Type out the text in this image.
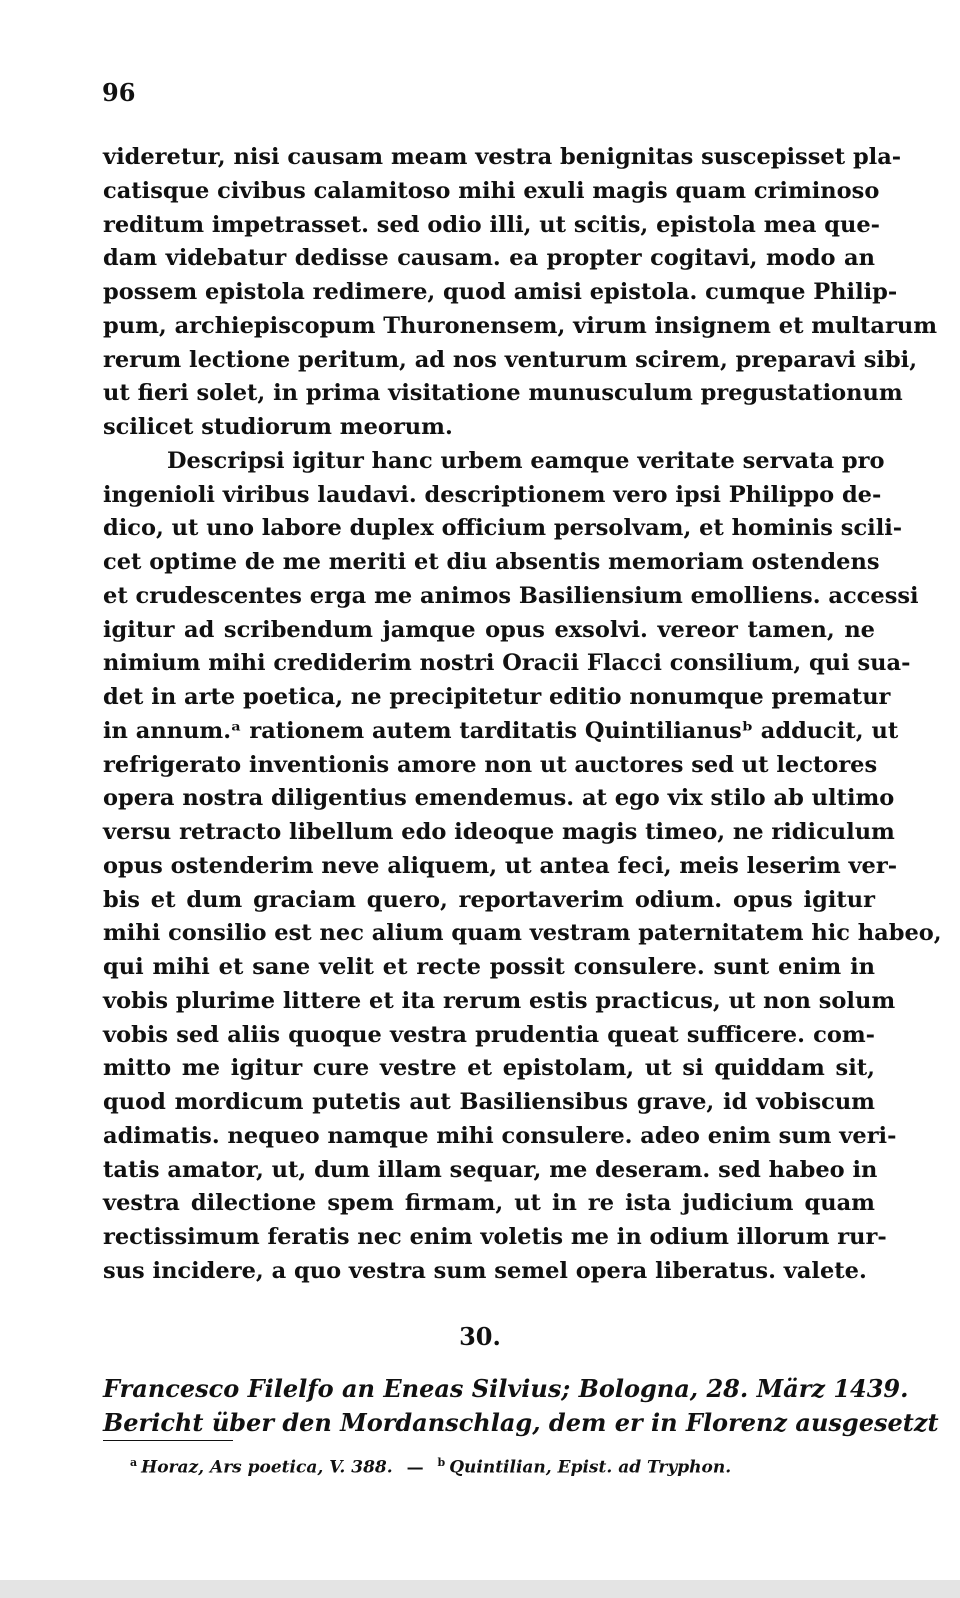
96
videretur, nisi causam meam vestra benignitas suscepisset pla-
catisque civibus calamitoso mihi exuli magis quam criminoso
reditum impetrasset. sed odio illi, ut scitis, epistola mea que-
dam videbatur dedisse causam. ea propter cogitavi, modo an
possem epistola redimere, quod amisi epistola. cumque Philip-
pum, archiepiscopum Thuronensem, virum insignem et multarum
rerum lectione peritum, ad nos venturum scirem, preparavi sibi,
ut fieri solet, in prima visitatione munusculum pregustationum
scilicet studiorum meorum.
Descripsi igitur hanc urbem eamque veritate servata pro
ingenioli viribus laudavi. descriptionem vero ipsi Philippo de-
dico, ut uno labore duplex officium persolvam, et hominis scili-
cet optime de me meriti et diu absentis memoriam ostendens
et crudescentes erga me animos Basiliensium emolliens. accessi
igitur ad scribendum jamque opus exsolvi. vereor tamen, ne
nimium mihi crediderim nostri Oracii Flacci consilium, qui sua-
det in arte poetica, ne precipitetur editio nonumque prematur
in annum.ᵃ rationem autem tarditatis Quintilianusᵇ adducit, ut
refrigerato inventionis amore non ut auctores sed ut lectores
opera nostra diligentius emendemus. at ego vix stilo ab ultimo
versu retracto libellum edo ideoque magis timeo, ne ridiculum
opus ostenderim neve aliquem, ut antea feci, meis leserim ver-
bis et dum graciam quero, reportaverim odium. opus igitur
mihi consilio est nec alium quam vestram paternitatem hic habeo,
qui mihi et sane velit et recte possit consulere. sunt enim in
vobis plurime littere et ita rerum estis practicus, ut non solum
vobis sed aliis quoque vestra prudentia queat sufficere. com-
mitto me igitur cure vestre et epistolam, ut si quiddam sit,
quod mordicum putetis aut Basiliensibus grave, id vobiscum
adimatis. nequeo namque mihi consulere. adeo enim sum veri-
tatis amator, ut, dum illam sequar, me deseram. sed habeo in
vestra dilectione spem firmam, ut in re ista judicium quam
rectissimum feratis nec enim voletis me in odium illorum rur-
sus incidere, a quo vestra sum semel opera liberatus. valete.
30.
Francesco Filelfo an Eneas Silvius; Bologna, 28. März 1439.
Bericht über den Mordanschlag, dem er in Florenz ausgesetzt
$^a$ Horaz, Ars poetica, V. 388. — $^b$ Quintilian, Epist. ad Tryphon.
